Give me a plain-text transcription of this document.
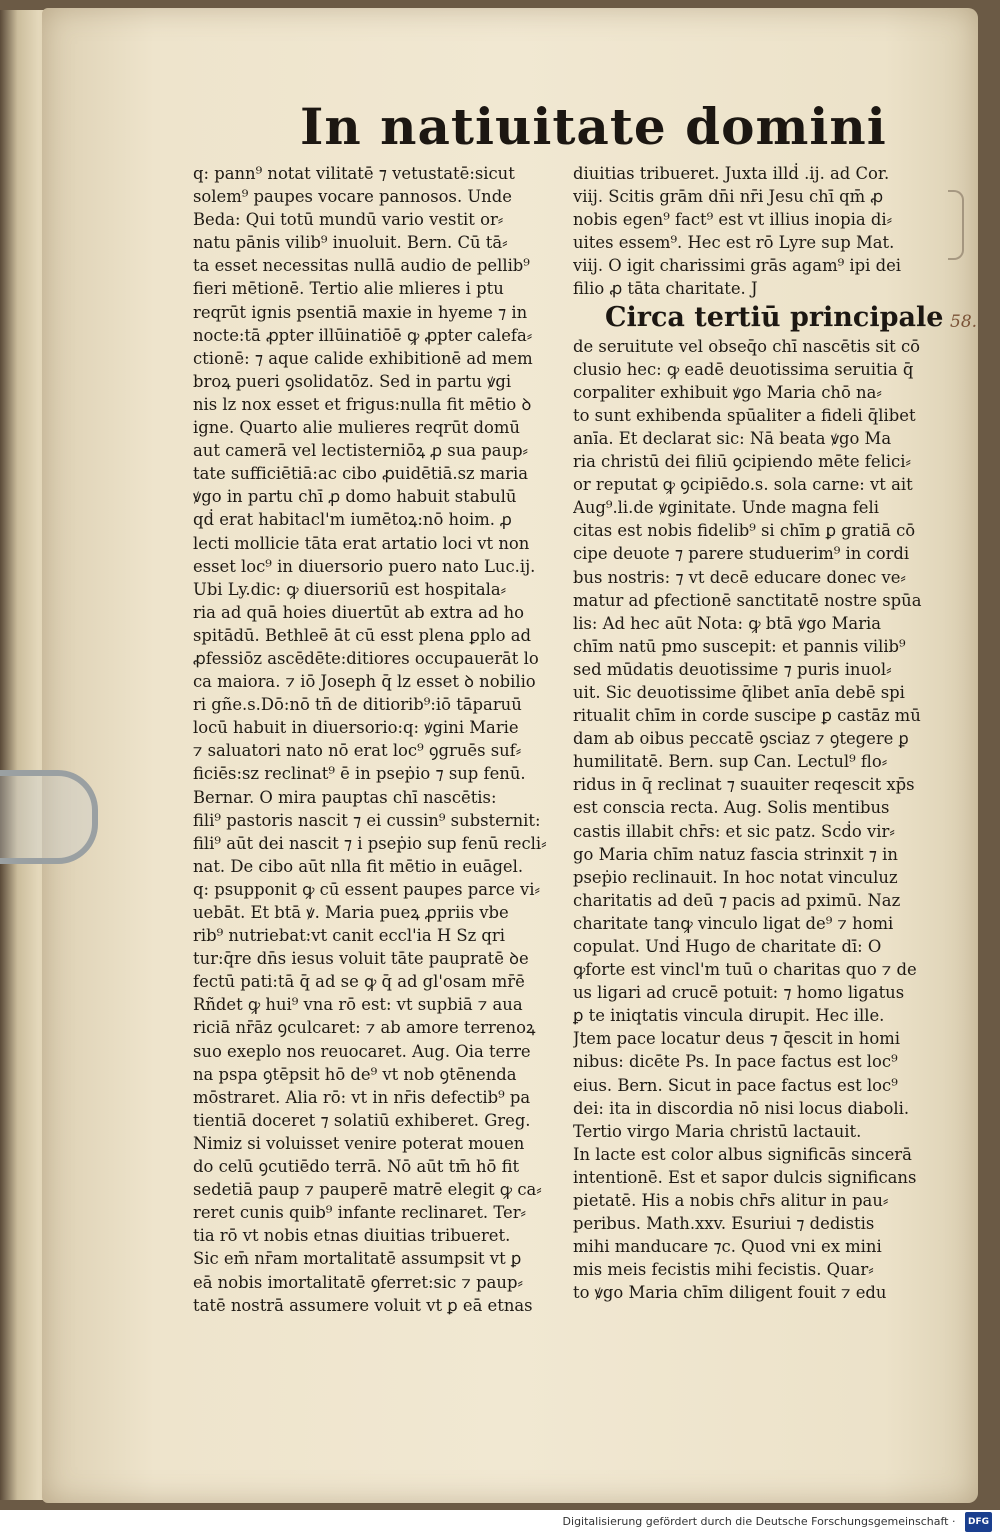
In natiuitate domini
q: pann⁹ notat vilitatē ⁊ vetustatē:sicut
solem⁹ paupes vocare pannosos. Unde
Beda: Qui totū mundū vario vestit or⸗
natu pānis vilib⁹ inuoluit. Bern. Cū tā⸗
ta esset necessitas nullā audio de pellib⁹
fieri mētionē. Tertio alie mlieres i ptu
reqrūt ignis psentiā maxie in hyeme ⁊ in
nocte:tā ꝓpter illūinatiōē ꝙ ꝓpter calefa⸗
ctionē: ⁊ aque calide exhibitionē ad mem
broꝝ pueri ꝯsolidatōz. Sed in partu ꝟgi
nis lz nox esset et frigus:nulla fit mētio ꝺ
igne. Quarto alie mulieres reqrūt domū
aut camerā vel lectisterniōꝝ ꝓ sua paup⸗
tate sufficiētiā:ac cibo ꝓuidētiā.sz maria
ꝟgo in partu chī ꝓ domo habuit stabulū
qḋ erat habitacl'm iumētoꝝ:nō hoim. ꝓ
lecti mollicie tāta erat artatio loci vt non
esset loc⁹ in diuersorio puero nato Luc.ij.
Ubi Ly.dic: ꝙ diuersoriū est hospitala⸗
ria ad quā hoies diuertūt ab extra ad ho
spitādū. Bethleē āt cū esst plena ꝑplo ad
ꝓfessiōz ascēdēte:ditiores occupauerāt lo
ca maiora. ⁊ iō Joseph q̄ lz esset ꝺ nobilio
ri gñe.s.Dō:nō tn̄ de ditiorib⁹:iō tāparuū
locū habuit in diuersorio:q: ꝟgini Marie
⁊ saluatori nato nō erat loc⁹ ꝯgruēs suf⸗
ficiēs:sz reclinat⁹ ē in pseṗio ⁊ sup fenū.
Bernar. O mira pauptas chī nascētis:
fili⁹ pastoris nascit ⁊ ei cussin⁹ substernit:
fili⁹ aūt dei nascit ⁊ i pseṗio sup fenū recli⸗
nat. De cibo aūt nlla fit mētio in euāgel.
q: psupponit ꝙ cū essent paupes parce vi⸗
uebāt. Et btā ꝟ. Maria pueꝝ ꝓpriis vbe
rib⁹ nutriebat:vt canit eccl'ia H Sz qri
tur:q̄re dn̄s iesus voluit tāte paupratē ꝺe
fectū pati:tā q̄ ad se ꝙ q̄ ad gl'osam mr̄ē
Rñdet ꝙ hui⁹ vna rō est: vt supbiā ⁊ aua
riciā nr̄āz ꝯculcaret: ⁊ ab amore terrenoꝝ
suo exeplo nos reuocaret. Aug. Oia terre
na pspa ꝯtēpsit hō de⁹ vt nob ꝯtēnenda
mōstraret. Alia rō: vt in nr̄is defectib⁹ pa
tientiā doceret ⁊ solatiū exhiberet. Greg.
Nimiz si voluisset venire poterat mouen
do celū ꝯcutiēdo terrā. Nō aūt tm̄ hō fit
sedetiā paup ⁊ pauperē matrē elegit ꝙ ca⸗
reret cunis quib⁹ infante reclinaret. Ter⸗
tia rō vt nobis etnas diuitias tribueret.
Sic em̄ nr̄am mortalitatē assumpsit vt ꝑ
eā nobis imortalitatē ꝯferret:sic ⁊ paup⸗
tatē nostrā assumere voluit vt ꝑ eā etnas
diuitias tribueret. Juxta illḋ .ij. ad Cor.
viij. Scitis grām dn̄i nr̄i Jesu chī qm̄ ꝓ
nobis egen⁹ fact⁹ est vt illius inopia di⸗
uites essem⁹. Hec est rō Lyre sup Mat.
viij. O igit charissimi grās agam⁹ ipi dei
filio ꝓ tāta charitate. J
Circa tertiū principale
de seruitute vel obseq̄o chī nascētis sit cō
clusio hec: ꝙ eadē deuotissima seruitia q̄
corpaliter exhibuit ꝟgo Maria chō na⸗
to sunt exhibenda spūaliter a fideli q̄libet
anīa. Et declarat sic: Nā beata ꝟgo Ma
ria christū dei filiū ꝯcipiendo mēte felici⸗
or reputat ꝙ ꝯcipiēdo.s. sola carne: vt ait
Aug⁹.li.de ꝟginitate. Unde magna feli
citas est nobis fidelib⁹ si chīm ꝑ gratiā cō
cipe deuote ⁊ parere studuerim⁹ in cordi
bus nostris: ⁊ vt decē educare donec ve⸗
matur ad ꝑfectionē sanctitatē nostre spūa
lis: Ad hec aūt Nota: ꝙ btā ꝟgo Maria
chīm natū pmo suscepit: et pannis vilib⁹
sed mūdatis deuotissime ⁊ puris inuol⸗
uit. Sic deuotissime q̄libet anīa debē spi
ritualit chīm in corde suscipe ꝑ castāz mū
dam ab oibus peccatē ꝯsciaz ⁊ ꝯtegere ꝑ
humilitatē. Bern. sup Can. Lectul⁹ flo⸗
ridus in q̄ reclinat ⁊ suauiter reqescit xp̄s
est conscia recta. Aug. Solis mentibus
castis illabit chr̄s: et sic patz. Scḋo vir⸗
go Maria chīm natuz fascia strinxit ⁊ in
pseṗio reclinauit. In hoc notat vinculuz
charitatis ad deū ⁊ pacis ad pximū. Naz
charitate tanꝙ vinculo ligat de⁹ ⁊ homi
copulat. Unḋ Hugo de charitate dī: O
ꝙforte est vincl'm tuū o charitas quo ⁊ de
us ligari ad crucē potuit: ⁊ homo ligatus
ꝑ te iniqtatis vincula dirupit. Hec ille.
Jtem pace locatur deus ⁊ q̄escit in homi
nibus: dicēte Ps. In pace factus est loc⁹
eius. Bern. Sicut in pace factus est loc⁹
dei: ita in discordia nō nisi locus diaboli.
Tertio virgo Maria christū lactauit.
In lacte est color albus significās sincerā
intentionē. Est et sapor dulcis significans
pietatē. His a nobis chr̄s alitur in pau⸗
peribus. Math.xxv. Esuriui ⁊ dedistis
mihi manducare ⁊c. Quod vni ex mini
mis meis fecistis mihi fecistis. Quar⸗
to ꝟgo Maria chīm diligent fouit ⁊ edu
58.
Digitalisierung gefördert durch die Deutsche Forschungsgemeinschaft · DFG
